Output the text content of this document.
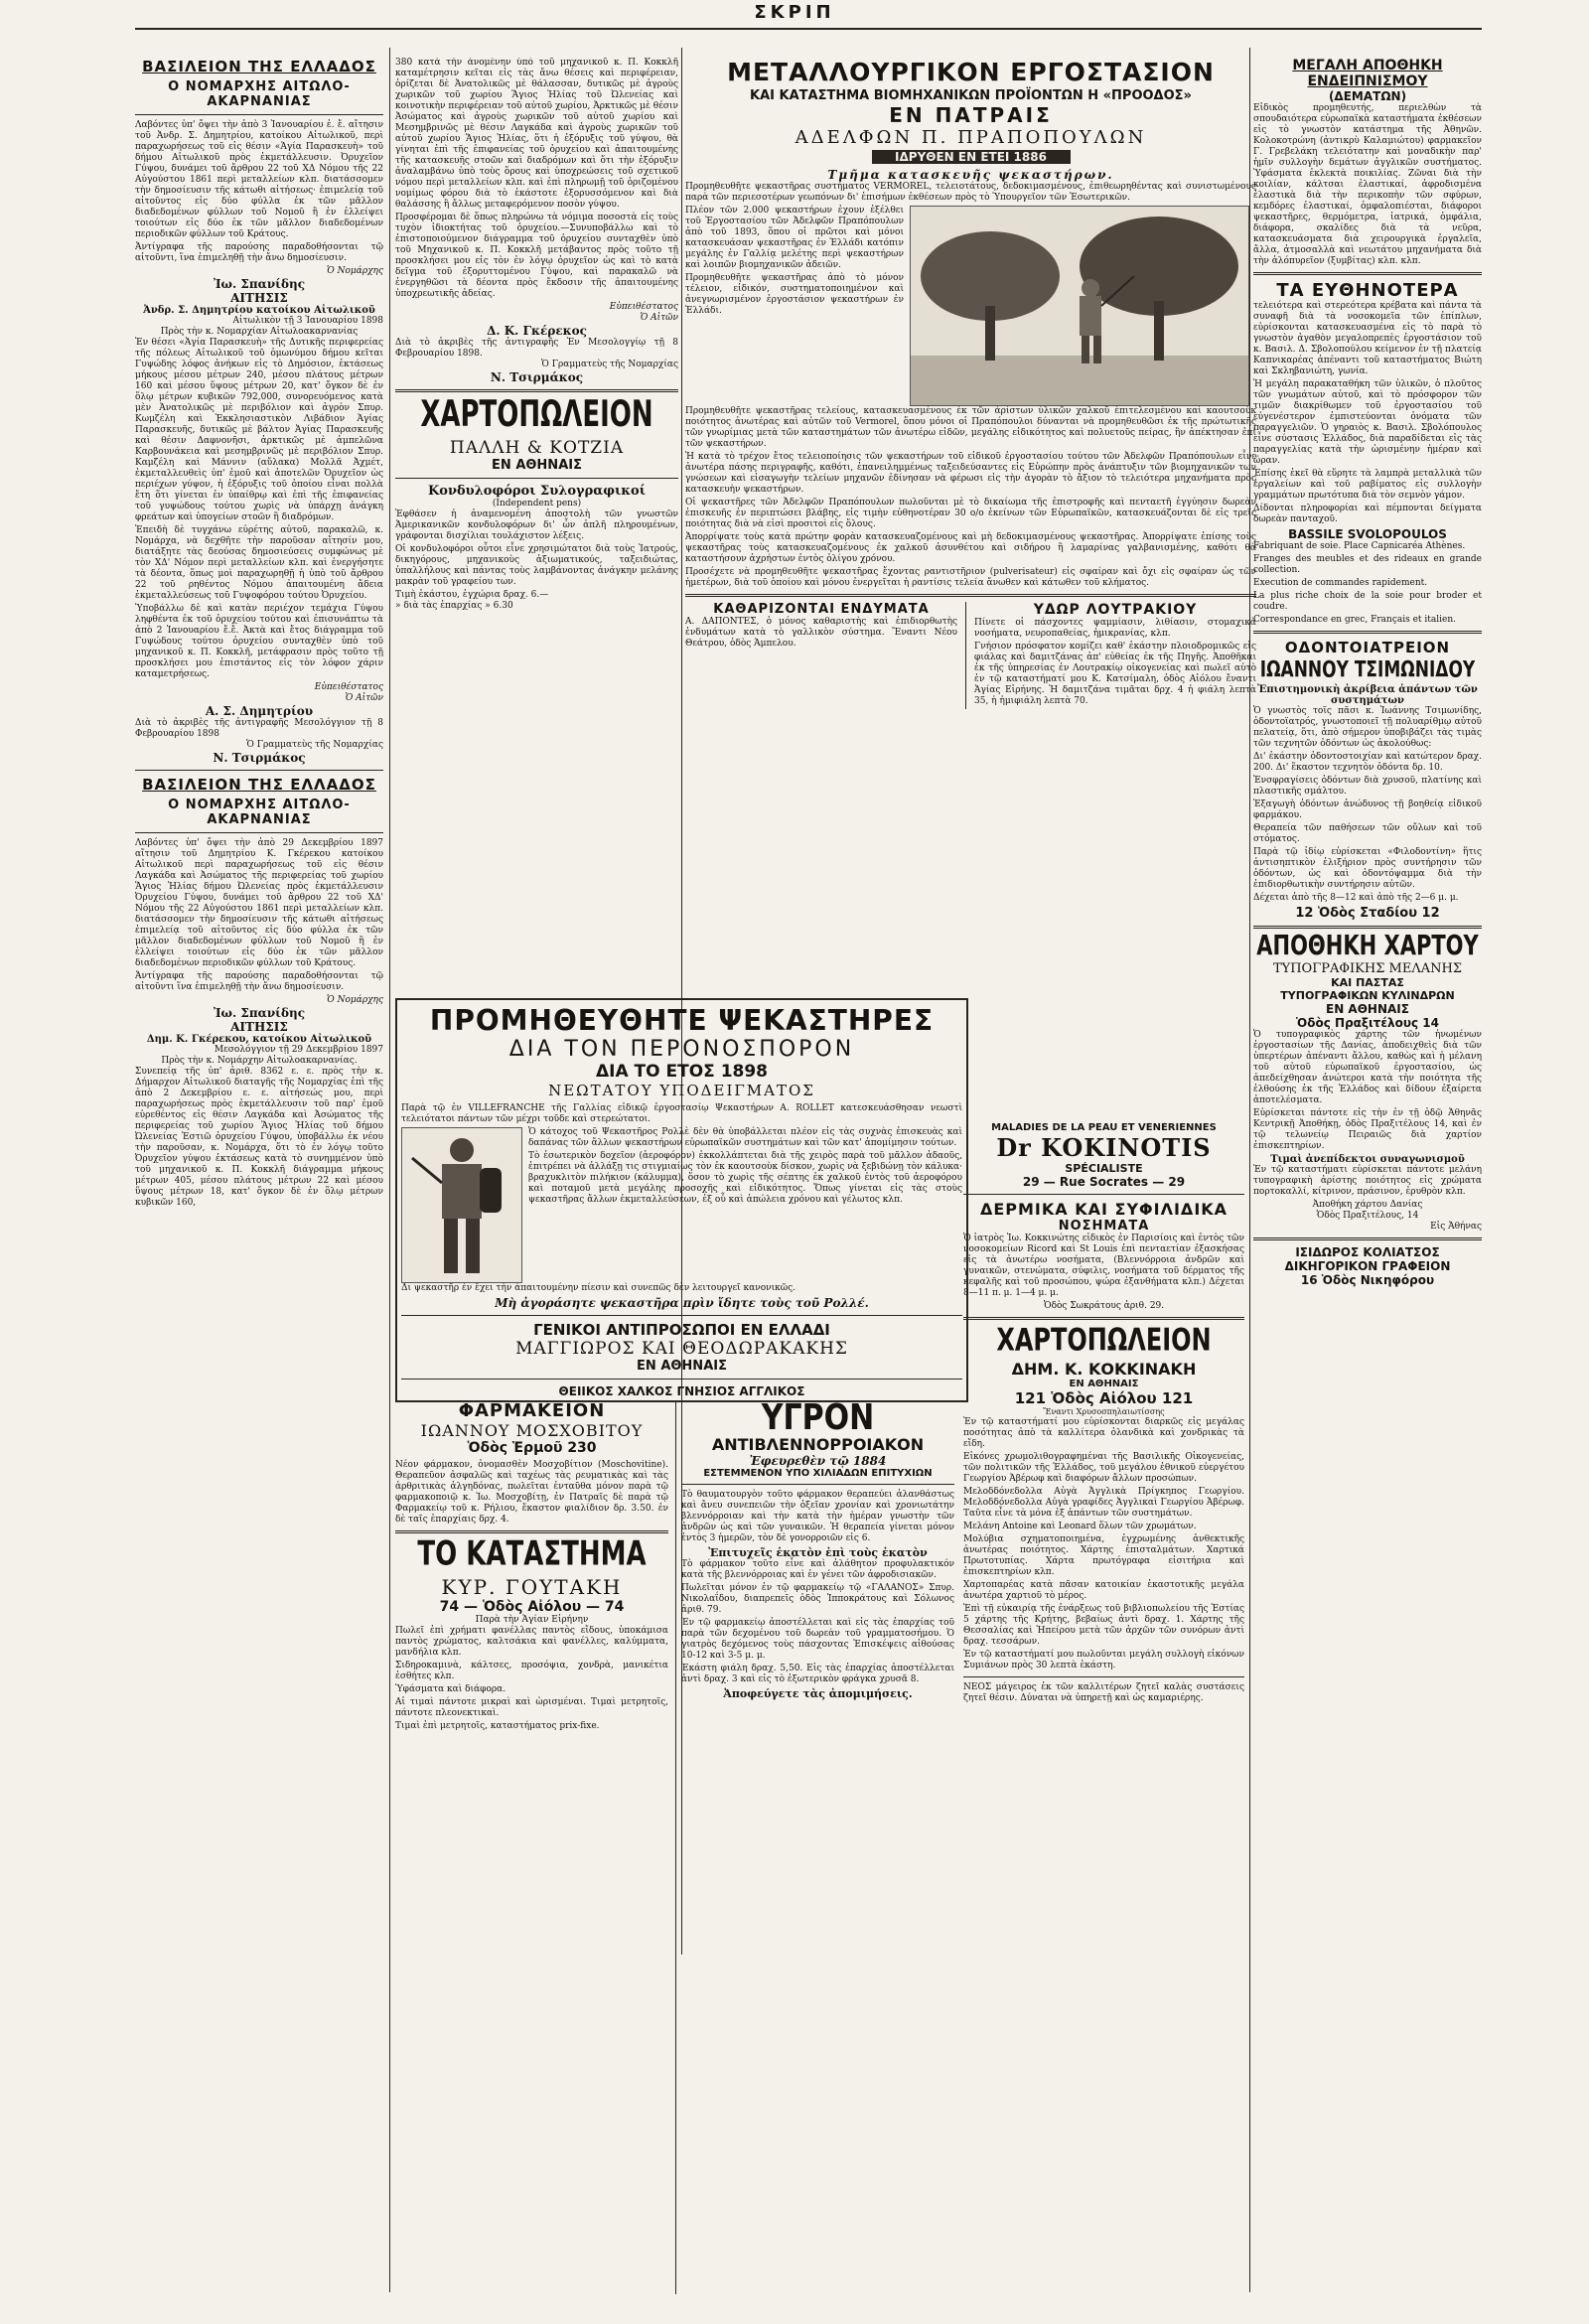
ΣΚΡΙΠ
ΒΑΣΙΛΕΙΟΝ ΤΗΣ ΕΛΛΑΔΟΣ
Ο ΝΟΜΑΡΧΗΣ ΑΙΤΩΛΟ-ΑΚΑΡΝΑΝΙΑΣ

Λαβόντες ὑπ' ὄψει τὴν ἀπὸ 3 Ἰανουαρίου ἐ. ἔ. αἴτησιν τοῦ Ἀνδρ. Σ. Δημητρίου, κατοίκου Αἰτωλικοῦ, περὶ παραχωρήσεως τοῦ εἰς θέσιν «Ἁγία Παρασκευὴ» τοῦ δήμου Αἰτωλικοῦ πρὸς ἐκμετάλλευσιν. Ὀρυχεῖον Γύψου, δυνάμει τοῦ ἄρθρου 22 τοῦ ΧΔ Νόμου τῆς 22 Αὐγούστου 1861 περὶ μεταλλείων κλπ. διατάσσομεν τὴν δημοσίευσιν τῆς κάτωθι αἰτήσεως· ἐπιμελείᾳ τοῦ αἰτοῦντος εἰς δύο φύλλα ἐκ τῶν μᾶλλον διαδεδομένων φύλλων τοῦ Νομοῦ ἢ ἐν ἐλλείψει τοιούτων εἰς δύο ἐκ τῶν μᾶλλον διαδεδομένων περιοδικῶν φύλλων τοῦ Κράτους.

Ἀντίγραφα τῆς παρούσης παραδοθήσονται τῷ αἰτοῦντι, ἵνα ἐπιμεληθῇ τὴν ἄνω δημοσίευσιν.

Ὁ Νομάρχης
Ἰω. Σπανίδης
ΑΙΤΗΣΙΣ
Ἀνδρ. Σ. Δημητρίου κατοίκου Αἰτωλικοῦ
Αἰτωλικὸν τῇ 3 Ἰανουαρίου 1898
Πρὸς τὴν κ. Νομαρχίαν Αἰτωλοακαρνανίας

Ἐν θέσει «Ἁγία Παρασκευὴ» τῆς Δυτικῆς περιφερείας τῆς πόλεως Αἰτωλικοῦ τοῦ ὁμωνύμου δήμου κεῖται Γυψώδης λόφος ἀνήκων εἰς τὸ Δημόσιον, ἐκτάσεως μήκους μέσου μέτρων 240, μέσου πλάτους μέτρων 160 καὶ μέσου ὕψους μέτρων 20, κατ' ὄγκον δὲ ἐν ὅλῳ μέτρων κυβικῶν 792,000, συνορευόμενος κατὰ μὲν Ἀνατολικῶς μὲ περιβόλιον καὶ ἀγρὸν Σπυρ. Κωμζέλη καὶ Ἐκκλησιαστικὸν Λιβάδιον Ἁγίας Παρασκευῆς, δυτικῶς μὲ βάλτον Ἁγίας Παρασκευῆς καὶ θέσιν Δαφνονῆσι, ἀρκτικῶς μὲ ἀμπελῶνα Καρβουνάκεια καὶ μεσημβρινῶς μὲ περιβόλιον Σπυρ. Καμζέλη καὶ Μάννιν (αὔλακα) Μολλᾶ Ἀχμέτ, ἐκμεταλλευθεὶς ὑπ' ἐμοῦ καὶ ἀποτελῶν Ὀρυχεῖον ὡς περιέχων γύψον, ἡ ἐξόρυξις τοῦ ὁποίου εἶναι πολλὰ ἔτη ὅτι γίνεται ἐν ὑπαίθρῳ καὶ ἐπὶ τῆς ἐπιφανείας τοῦ γυψώδους τούτου χωρὶς νὰ ὑπάρχῃ ἀνάγκη φρεάτων καὶ ὑπογείων στοῶν ἢ διαδρόμων.

Ἐπειδὴ δὲ τυγχάνω εὑρέτης αὐτοῦ, παρακαλῶ, κ. Νομάρχα, νὰ δεχθῆτε τὴν παροῦσαν αἴτησίν μου, διατάξητε τὰς δεούσας δημοσιεύσεις συμφώνως μὲ τὸν ΧΔ' Νόμον περὶ μεταλλείων κλπ. καὶ ἐνεργήσητε τὰ δέοντα, ὅπως μοὶ παραχωρηθῇ ἡ ὑπὸ τοῦ ἄρθρου 22 τοῦ ρηθέντος Νόμου ἀπαιτουμένη ἄδεια ἐκμεταλλεύσεως τοῦ Γυψοφόρου τούτου Ὀρυχείου.

Ὑποβάλλω δὲ καὶ κατὰν περιέχον τεμάχια Γύψου ληφθέντα ἐκ τοῦ ὀρυχείου τούτου καὶ ἐπισυνάπτω τὰ ἀπὸ 2 Ἰανουαρίου ἔ.ἔ. Ἀκτὰ καὶ ἔτος διάγραμμα τοῦ Γυψώδους τούτου ὀρυχείου συνταχθὲν ὑπὸ τοῦ μηχανικοῦ κ. Π. Κοκκλῆ, μετάφρασιν πρὸς τοῦτο τῇ προσκλήσει μου ἐπιστάντος εἰς τὸν λόφον χάριν καταμετρήσεως.

Εὐπειθέστατος
Ὁ Αἰτῶν
Α. Σ. Δημητρίου
Διὰ τὸ ἀκριβὲς τῆς ἀντιγραφῆς Μεσολόγγιον τῇ 8 Φεβρουαρίου 1898
Ὁ Γραμματεὺς τῆς Νομαρχίας
Ν. Τσιρμάκος
ΒΑΣΙΛΕΙΟΝ ΤΗΣ ΕΛΛΑΔΟΣ
Ο ΝΟΜΑΡΧΗΣ ΑΙΤΩΛΟ-ΑΚΑΡΝΑΝΙΑΣ

Λαβόντες ὑπ' ὄψει τὴν ἀπὸ 29 Δεκεμβρίου 1897 αἴτησιν τοῦ Δημητρίου Κ. Γκέρεκου κατοίκου Αἰτωλικοῦ περὶ παραχωρήσεως τοῦ εἰς θέσιν Λαγκάδα καὶ Ἀσώματος τῆς περιφερείας τοῦ χωρίου Ἅγιος Ἠλίας δήμου Ὠλενείας πρὸς ἐκμετάλλευσιν Ὀρυχείου Γύψου, δυνάμει τοῦ ἄρθρου 22 τοῦ ΧΔ' Νόμου τῆς 22 Αὐγούστου 1861 περὶ μεταλλείων κλπ. διατάσσομεν τὴν δημοσίευσιν τῆς κάτωθι αἰτήσεως ἐπιμελείᾳ τοῦ αἰτοῦντος εἰς δύο φύλλα ἐκ τῶν μᾶλλον διαδεδομένων φύλλων τοῦ Νομοῦ ἢ ἐν ἐλλείψει τοιούτων εἰς δύο ἐκ τῶν μᾶλλον διαδεδομένων περιοδικῶν φύλλων τοῦ Κράτους.

Ἀντίγραφα τῆς παρούσης παραδοθήσονται τῷ αἰτοῦντι ἵνα ἐπιμεληθῇ τὴν ἄνω δημοσίευσιν.

Ὁ Νομάρχης
Ἰω. Σπανίδης
ΑΙΤΗΣΙΣ
Δημ. Κ. Γκέρεκου, κατοίκου Αἰτωλικοῦ
Μεσολόγγιον τῇ 29 Δεκεμβρίου 1897
Πρὸς τὴν κ. Νομάρχην Αἰτωλοακαρνανίας.

Συνεπείᾳ τῆς ὑπ' ἀριθ. 8362 ε. ε. πρὸς τὴν κ. Δήμαρχον Αἰτωλικοῦ διαταγῆς τῆς Νομαρχίας ἐπὶ τῆς ἀπὸ 2 Δεκεμβρίου ε. ε. αἰτήσεώς μου, περὶ παραχωρήσεως πρὸς ἐκμετάλλευσιν τοῦ παρ' ἐμοῦ εὑρεθέντος εἰς θέσιν Λαγκάδα καὶ Ἀσώματος τῆς περιφερείας τοῦ χωρίου Ἅγιος Ἠλίας τοῦ δήμου Ὠλενείας Ἑστιῶ ὀρυχείου Γύψου, ὑποβάλλω ἐκ νέου τὴν παροῦσαν, κ. Νομάρχα, ὅτι τὸ ἐν λόγῳ τοῦτο Ὀρυχεῖον γύψου ἐκτάσεως κατὰ τὸ συνημμένον ὑπὸ τοῦ μηχανικοῦ κ. Π. Κοκκλῆ διάγραμμα μήκους μέτρων 405, μέσου πλάτους μέτρων 22 καὶ μέσου ὕψους μέτρων 18, κατ' ὄγκον δὲ ἐν ὅλῳ μέτρων κυβικῶν 160,

380 κατὰ τὴν ἀνομένην ὑπὸ τοῦ μηχανικοῦ κ. Π. Κοκκλῆ καταμέτρησιν κεῖται εἰς τὰς ἄνω θέσεις καὶ περιφέρειαν, ὁρίζεται δὲ Ἀνατολικῶς μὲ θάλασσαν, δυτικῶς μὲ ἀγροὺς χωρικῶν τοῦ χωρίου Ἅγιος Ἠλίας τοῦ Ὠλενείας καὶ κοινοτικὴν περιφέρειαν τοῦ αὐτοῦ χωρίου, Ἀρκτικῶς μὲ θέσιν Ἀσώματος καὶ ἀγροὺς χωρικῶν τοῦ αὐτοῦ χωρίου καὶ Μεσημβρινῶς μὲ θέσιν Λαγκάδα καὶ ἀγροὺς χωρικῶν τοῦ αὐτοῦ χωρίου Ἅγιος Ἠλίας, ὅτι ἡ ἐξόρυξις τοῦ γύψου, θὰ γίνηται ἐπὶ τῆς ἐπιφανείας τοῦ ὀρυχείου καὶ ἀπαιτουμένης τῆς κατασκευῆς στοῶν καὶ διαδρόμων καὶ ὅτι τὴν ἐξόρυξιν ἀναλαμβάνω ὑπὸ τοὺς ὅρους καὶ ὑποχρεώσεις τοῦ σχετικοῦ νόμου περὶ μεταλλείων κλπ. καὶ ἐπὶ πληρωμῇ τοῦ ὁριζομένου νομίμως φόρου διὰ τὸ ἐκάστοτε ἐξορυσσόμενον καὶ διὰ θαλάσσης ἢ ἄλλως μεταφερόμενον ποσὸν γύψου.

Προσφέρομαι δὲ ὅπως πληρώνω τὰ νόμιμα ποσοστὰ εἰς τοὺς τυχὸν ἰδιοκτήτας τοῦ ὀρυχείου.—Συνυποβάλλω καὶ τὸ ἐπιστοποιούμενον διάγραμμα τοῦ ὀρυχείου συνταχθὲν ὑπὸ τοῦ Μηχανικοῦ κ. Π. Κοκκλῆ μετάβαντος πρὸς τοῦτο τῇ προσκλήσει μου εἰς τὸν ἐν λόγῳ ὀρυχεῖον ὡς καὶ τὸ κατὰ δεῖγμα τοῦ ἐξορυττομένου Γύψου, καὶ παρακαλῶ νὰ ἐνεργηθῶσι τὰ δέοντα πρὸς ἔκδοσιν τῆς ἀπαιτουμένης ὑποχρεωτικῆς ἀδείας.

Εὐπειθέστατος
Ὁ Αἰτῶν
Δ. Κ. Γκέρεκος
Διὰ τὸ ἀκριβὲς τῆς ἀντιγραφῆς Ἐν Μεσολογγίῳ τῇ 8 Φεβρουαρίου 1898.
Ὁ Γραμματεὺς τῆς Νομαρχίας
Ν. Τσιρμάκος
ΧΑΡΤΟΠΩΛΕΙΟΝ
ΠΑΛΛΗ & ΚΟΤΖΙΑ
ΕΝ ΑΘΗΝΑΙΣ
Κονδυλοφόροι Συλογραφικοί
(Independent pens)

Ἐφθάσεν ἡ ἀναμενομένη ἀποστολὴ τῶν γνωστῶν Ἀμερικανικῶν κονδυλοφόρων δι' ὧν ἁπλῆ πληρουμένων, γράφονται δισχίλιαι τουλάχιστον λέξεις.

Οἱ κονδυλοφόροι οὗτοι εἶνε χρησιμώτατοι διὰ τοὺς Ἰατρούς, δικηγόρους, μηχανικοὺς ἀξιωματικούς, ταξειδιώτας, ὑπαλλήλους καὶ πάντας τοὺς λαμβάνοντας ἀνάγκην μελάνης μακρὰν τοῦ γραφείου των.

Τιμὴ ἑκάστου, ἐγχώρια δραχ. 6.—
» διὰ τὰς ἐπαρχίας » 6.30
ΜΕΤΑΛΛΟΥΡΓΙΚΟΝ ΕΡΓΟΣΤΑΣΙΟΝ
ΚΑΙ ΚΑΤΑΣΤΗΜΑ ΒΙΟΜΗΧΑΝΙΚΩΝ ΠΡΟΪΟΝΤΩΝ Η «ΠΡΟΟΔΟΣ»
ΕΝ ΠΑΤΡΑΙΣ
ΑΔΕΛΦΩΝ Π. ΠΡΑΠΟΠΟΥΛΩΝ
ΙΔΡΥΘΕΝ ΕΝ ΕΤΕΙ 1886
Τμῆμα κατασκευῆς ψεκαστήρων.

Προμηθευθῆτε ψεκαστῆρας συστήματος VERMOREL, τελειοτάτους, δεδοκιμασμένους, ἐπιθεωρηθέντας καὶ συνιστωμένους παρὰ τῶν περιεσοτέρων γεωπόνων δι' ἐπισήμων ἐκθέσεων πρὸς τὸ Ὑπουργεῖον τῶν Ἐσωτερικῶν.

Πλέον τῶν 2.000 ψεκαστήρων ἐχουν ἐξέλθει τοῦ Ἐργοστασίου τῶν Ἀδελφῶν Πραπόπουλων ἀπὸ τοῦ 1893, ὅπου οἱ πρῶτοι καὶ μόνοι κατασκευάσαν ψεκαστῆρας ἐν Ἑλλάδι κατόπιν μεγάλης ἐν Γαλλίᾳ μελέτης περὶ ψεκαστήρων καὶ λοιπῶν βιομηχανικῶν ἀδειῶν.

Προμηθευθῆτε ψεκαστῆρας ἀπὸ τὸ μόνον τέλειον, εἰδικόν, συστηματοποιημένον καὶ ἀνεγνωρισμένον ἐργοστάσιον ψεκαστήρων ἐν Ἑλλάδι.

Προμηθευθῆτε ψεκαστῆρας τελείους, κατασκευασμένους ἐκ τῶν ἀρίστων ὑλικῶν χαλκοῦ ἐπιτελεσμένου καὶ καουτσοὺκ ποιότητος ἀνωτέρας καὶ αὐτῶν τοῦ Vermorel, ὅπου μόνοι οἱ Πραπόπουλοι δύνανται νὰ προμηθευθῶσι ἐκ τῆς πρώτωτικῆς τῶν γνωρίμιας μετὰ τῶν καταστημάτων τῶν ἀνωτέρω εἰδῶν, μεγάλης εἰδικότητος καὶ πολυετοῦς πείρας, ἢν ἀπέκτησαν ἐπὶ τῶν ψεκαστήρων.

Ἡ κατὰ τὸ τρέχον ἔτος τελειοποίησις τῶν ψεκαστήρων τοῦ εἰδικοῦ ἐργοστασίου τούτου τῶν Ἀδελφῶν Πραπόπουλων εἶνε ἀνωτέρα πάσης περιγραφῆς, καθότι, ἐπανειλημμένως ταξειδεύσαντες εἰς Εὐρώπην πρὸς ἀνάπτυξιν τῶν βιομηχανικῶν των γνώσεων καὶ εἰσαγωγὴν τελείων μηχανῶν ἐδίνησαν νὰ φέρωσι εἰς τὴν ἀγορὰν τὸ ἄξιον τὸ τελειότερα μηχανήματα πρὸς κατασκευὴν ψεκαστήρων.

Οἱ ψεκαστῆρες τῶν Ἀδελφῶν Πραπόπουλων πωλοῦνται μὲ τὸ δικαίωμα τῆς ἐπιστροφῆς καὶ πενταετῆ ἐγγύησιν δωρεὰν ἐπισκευῆς ἐν περιπτώσει βλάβης, εἰς τιμὴν εὐθηνοτέραν 30 ο/ο ἐκείνων τῶν Εὐρωπαϊκῶν, κατασκευάζονται δὲ εἰς τρεῖς ποιότητας διὰ νὰ εἰσὶ προσιτοὶ εἰς ὅλους.

Ἀπορρίψατε τοὺς κατὰ πρώτην φορὰν κατασκευαζομένους καὶ μὴ δεδοκιμασμένους ψεκαστῆρας. Ἀπορρίψατε ἐπίσης τοὺς ψεκαστῆρας τοὺς κατασκευαζομένους ἐκ χαλκοῦ ἀσυνθέτου καὶ σιδήρου ἢ λαμαρίνας γαλβανισμένης, καθότι θὰ καταστήσουν ἀχρήστων ἐντὸς ὀλίγου χρόνου.

Προσέχετε νὰ προμηθευθῆτε ψεκαστῆρας ἔχοντας ραντιστῆριον (pulverisateur) εἰς σφαίραν καὶ ὄχι εἰς σφαίραν ὡς τῶν ἡμετέρων, διὰ τοῦ ὁποίου καὶ μόνου ἐνεργεῖται ἡ ραντίσις τελεία ἄνωθεν καὶ κάτωθεν τοῦ κλήματος.

ΚΑΘΑΡΙΖΟΝΤΑΙ ΕΝΔΥΜΑΤΑ

Α. ΔΑΠΟΝΤΕΣ, ὁ μόνος καθαριστὴς καὶ ἐπιδιορθωτὴς ἐνδυμάτων κατὰ τὸ γαλλικὸν σύστημα. Ἔναντι Νέου Θεάτρου, ὁδὸς Ἀμπελου.

ΥΔΩΡ ΛΟΥΤΡΑΚΙΟΥ

Πίνετε οἱ πάσχοντες ψαμμίασιν, λιθίασιν, στομαχικὰ νοσήματα, νευροπαθείας, ἡμικρανίας, κλπ.

Γνήσιον πρόσφατον κομίζει καθ' ἑκάστην πλοιοδρομικῶς εἰς φιάλας καὶ δαμιτζάνας ἀπ' εὐθείας ἐκ τῆς Πηγῆς. Ἀποθῆκαι ἐκ τῆς ὑπηρεσίας ἐν Λουτρακίῳ οἰκογενείας καὶ πωλεῖ αὐτὸ ἐν τῷ καταστήματί μου Κ. Κατσίμαλη, ὁδὸς Αἰόλου ἔναντι Ἁγίας Εἰρήνης. Ἡ δαμιτζάνα τιμᾶται δρχ. 4 ἡ φιάλη λεπτὰ 35, ἡ ἡμιφιάλη λεπτὰ 70.

ΠΡΟΜΗΘΕΥΘΗΤΕ ΨΕΚΑΣΤΗΡΕΣ
ΔΙΑ ΤΟΝ ΠΕΡΟΝΟΣΠΟΡΟΝ
ΔΙΑ ΤΟ ΕΤΟΣ 1898
ΝΕΩΤΑΤΟΥ ΥΠΟΔΕΙΓΜΑΤΟΣ

Παρὰ τῷ ἐν VILLEFRANCHE τῆς Γαλλίας εἰδικῷ ἐργοστασίῳ Ψεκαστήρων A. ROLLET κατεσκευάσθησαν νεωστὶ τελειότατοι πάντων τῶν μέχρι τοῦδε καὶ στερεώτατοι.

Ὁ κάτοχος τοῦ Ψεκαστῆρος Ρολλὲ δὲν θὰ ὑποβάλλεται πλέον εἰς τὰς συχνὰς ἐπισκευὰς καὶ δαπάνας τῶν ἄλλων ψεκαστήρων εὐρωπαϊκῶν συστημάτων καὶ τῶν κατ' ἀπομίμησιν τούτων.

Τὸ ἐσωτερικὸν δοχεῖον (ἀεροφόρον) ἐκκολλάπτεται διὰ τῆς χειρὸς παρὰ τοῦ μᾶλλον ἀδαοῦς, ἐπιτρέπει νὰ ἀλλάξῃ τις στιγμιαίως τὸν ἐκ καουτσοὺκ δίσκον, χωρὶς νὰ ξεβιδώνῃ τὸν κάλυκα· βραχυκλιτὸν πιλήκιον (κάλυμμα), ὅσον τὸ χωρὶς τῆς σέπτης ἐκ χαλκοῦ ἐντὸς τοῦ ἀεροφόρου καὶ ποταμοῦ μετὰ μεγάλης προσοχῆς καὶ εἰδικότητος. Ὅπως γίνεται εἰς τὰς στοὺς ψεκαστῆρας ἄλλων ἐκμεταλλεύσεων, ἐξ οὗ καὶ ἀπώλεια χρόνου καὶ γέλωτος κλπ.

Δι ψεκαστῆρ ἐν ἔχει τὴν ἀπαιτουμένην πίεσιν καὶ συνεπῶς δὲν λειτουργεῖ κανονικῶς.

Μὴ ἀγοράσητε ψεκαστῆρα πρὶν ἴδητε τοὺς τοῦ Ρολλέ.
ΓΕΝΙΚΟΙ ΑΝΤΙΠΡΟΣΩΠΟΙ ΕΝ ΕΛΛΑΔΙ
ΜΑΓΓΙΩΡΟΣ ΚΑΙ ΘΕΟΔΩΡΑΚΑΚΗΣ
ΕΝ ΑΘΗΝΑΙΣ
ΘΕΙΙΚΟΣ ΧΑΛΚΟΣ ΓΝΗΣΙΟΣ ΑΓΓΛΙΚΟΣ
ΦΑΡΜΑΚΕΙΟΝ
ΙΩΑΝΝΟΥ ΜΟΣΧΟΒΙΤΟΥ
Ὁδὸς Ἑρμοῦ 230

Νέον φάρμακον, ὀνομασθὲν Μοσχοβίτιον (Moschovitine). Θεραπεῦον ἀσφαλῶς καὶ ταχέως τὰς ρευματικὰς καὶ τὰς ἀρθριτικὰς ἀλγηδόνας, πωλεῖται ἐνταῦθα μόνον παρὰ τῷ φαρμακοποιῷ κ. Ἰω. Μοσχοβίτῃ, ἐν Πατραῖς δὲ παρὰ τῷ Φαρμακείῳ τοῦ κ. Ρήλιου, ἕκαστον φιαλίδιον δρ. 3.50. ἐν δὲ ταῖς ἐπαρχίαις δρχ. 4.

ΤΟ ΚΑΤΑΣΤΗΜΑ
ΚΥΡ. ΓΟΥΤΑΚΗ
74 — Ὁδὸς Αἰόλου — 74
Παρὰ τὴν Ἁγίαν Εἰρήνην

Πωλεῖ ἐπὶ χρήματι φανέλλας παντὸς εἴδους, ὑποκάμισα παντὸς χρώματος, καλτσάκια καὶ φανέλλες, καλύμματα, μανδήλια κλπ.

Σιδηροκαμινὰ, κάλτσες, προσόψια, χονδρὰ, μανικέτια ἐσθήτες κλπ.

Ὑφάσματα καὶ διάφορα.

Αἱ τιμαὶ πάντοτε μικραὶ καὶ ὡρισμέναι. Τιμαὶ μετρητοῖς, πάντοτε πλεονεκτικαὶ.

Τιμαὶ ἐπὶ μετρητοῖς, καταστήματος prix-fixe.

ΥΓΡΟΝ
ΑΝΤΙΒΛΕΝΝΟΡΡΟΙΑΚΟΝ
Ἐφευρεθὲν τῷ 1884
ΕΣΤΕΜΜΕΝΟΝ ΥΠΟ ΧΙΛΙΑΔΩΝ ΕΠΙΤΥΧΙΩΝ

Τὸ θαυματουργὸν τοῦτο φάρμακον θεραπεύει ἀλανθάστως καὶ ἄνευ συνεπειῶν τὴν ὀξεῖαν χρονίαν καὶ χρονιωτάτην βλεννόρροιαν καὶ τὴν κατὰ τὴν ἡμέραν γνωστὴν τῶν ἀνδρῶν ὡς καὶ τῶν γυναικῶν. Ἡ θεραπεία γίνεται μόνον ἐντὸς 3 ἡμερῶν, τὸν δὲ γονορροιῶν εἰς 6.

Ἐπιτυχεῖς ἑκατὸν ἐπὶ τοὺς ἑκατὸν

Τὸ φάρμακον τοῦτο εἶνε καὶ ἀλάθητον προφυλακτικόν κατὰ τῆς βλεννόρροιας καὶ ἐν γένει τῶν ἀφροδισιακῶν.

Πωλεῖται μόνον ἐν τῷ φαρμακείῳ τῷ «ΓΑΛΑΝΟΣ» Σπυρ. Νικολαΐδου, διαπρεπεῖς ὁδὸς Ἱπποκράτους καὶ Σόλωνος ἀριθ. 79.

Ἐν τῷ φαρμακείῳ ἀποστέλλεται καὶ εἰς τὰς ἐπαρχίας τοῦ παρὰ τῶν δεχομένου τοῦ δωρεὰν τοῦ γραμματοσήμου. Ὁ γιατρὸς δεχόμενος τοὺς πάσχοντας Ἐπισκέψεις αἰθούσας 10-12 καὶ 3-5 μ. μ.

Ἑκάστη φιάλη δραχ. 5,50. Εἰς τὰς ἐπαρχίας ἀποστέλλεται ἀντὶ δραχ. 3 καὶ εἰς τὸ ἐξωτερικὸν φράγκα χρυσᾶ 8.

Ἀποφεύγετε τὰς ἀπομιμήσεις.
MALADIES DE LA PEAU ET VÉNÉRIENNES
Dr KOKINOTIS
SPÉCIALISTE
29 — Rue Socrates — 29
ΔΕΡΜΙΚΑ ΚΑΙ ΣΥΦΙΛΙΔΙΚΑ
ΝΟΣΗΜΑΤΑ

Ὁ ἰατρὸς Ἰω. Κοκκινώτης εἰδικὸς ἐν Παρισίοις καὶ ἐντὸς τῶν νοσοκομείων Ricord καὶ St Louis ἐπὶ πενταετίαν ἐξασκήσας εἰς τὰ ἀνωτέρω νοσήματα, (Βλεννόρροια ἀνδρῶν καὶ γυναικῶν, στενώματα, σύφιλις, νοσήματα τοῦ δέρματος τῆς κεφαλῆς καὶ τοῦ προσώπου, ψώρα ἐξανθήματα κλπ.) Δέχεται 8—11 π. μ. 1—4 μ. μ.

Ὁδὸς Σωκράτους ἀριθ. 29.
ΧΑΡΤΟΠΩΛΕΙΟΝ
ΔΗΜ. Κ. ΚΟΚΚΙΝΑΚΗ
ΕΝ ΑΘΗΝΑΙΣ
121 Ὁδὸς Αἰόλου 121
Ἔναντι Χρυσοσπηλαιωτίσσης

Ἐν τῷ καταστήματί μου εὑρίσκονται διαρκῶς εἰς μεγάλας ποσότητας ἀπὸ τὰ καλλίτερα ὀλανδικὰ καὶ χονδρικὰς τὰ εἴδη.

Εἰκόνες χρωμολιθογραφημέναι τῆς Βασιλικῆς Οἰκογενείας, τῶν πολιτικῶν τῆς Ἑλλάδος, τοῦ μεγάλου ἐθνικοῦ εὐεργέτου Γεωργίου Ἀβέρωφ καὶ διαφόρων ἄλλων προσώπων.

Μελοδδόνεδολλα Αὐγὰ Ἀγγλικὰ Πρίγκηπος Γεωργίου. Μελοδδόνεδολλα Αὐγὰ γραφίδες Ἀγγλικαὶ Γεωργίου Ἀβέρωφ. Ταῦτα εἶνε τὰ μόνα ἐξ ἁπάντων τῶν συστημάτων.

Μελάνη Antoine καὶ Leonard ὅλων τῶν χρωμάτων.

Μολύβια σχηματοποιημένα, ἐγχρωμένης ἀνθεκτικῆς ἀνωτέρας ποιότητος. Χάρτης ἐπισταλμάτων. Χαρτικά Πρωτοτυπίας. Χάρτα πρωτόγραφα εἰσιτήρια καὶ ἐπισκεπτηρίων κλπ.

Χαρτοπαρέας κατὰ πᾶσαν κατοικίαν ἑκαστοτικῆς μεγάλα ἀνωτέρα χαρτιοῦ τὸ μέρος.

Ἐπὶ τῇ εὐκαιρίᾳ τῆς ἐνάρξεως τοῦ βιβλιοπωλείου τῆς Ἑστίας 5 χάρτης τῆς Κρήτης, βεβαίως ἀντὶ δραχ. 1. Χάρτης τῆς Θεσσαλίας καὶ Ἠπείρου μετὰ τῶν ἀρχῶν τῶν συνόρων ἀντὶ δραχ. τεσσάρων.

Ἐν τῷ καταστήματί μου πωλοῦνται μεγάλη συλλογὴ εἰκόνων Συμιάνων πρὸς 30 λεπτὰ ἑκάστη.

ΝΕΟΣ μάγειρος ἐκ τῶν καλλιτέρων ζητεῖ καλὰς συστάσεις ζητεῖ θέσιν. Δύναται νὰ ὑπηρετῇ καὶ ὡς καμαριέρης.

ΜΕΓΑΛΗ ΑΠΟΘΗΚΗ ΕΝΔΕΙΠΝΙΣΜΟΥ
(ΔΕΜΑΤΩΝ)

Εἰδικὸς προμηθευτής, περιελθὼν τὰ σπουδαιότερα εὐρωπαϊκὰ καταστήματα ἐκθέσεων εἰς τὸ γνωστὸν κατάστημα τῆς Ἀθηνῶν. Κολοκοτρώνη (ἀντικρὺ Καλαμιώτου) φαρμακεῖον Γ. Γρεβελάκη τελειότατην καὶ μοναδικὴν παρ' ἡμῖν συλλογὴν δεμάτων ἀγγλικῶν συστήματος. Ὑφάσματα ἐκλεκτὰ ποικιλίας. Ζῶναι διὰ τὴν κοιλίαν, κάλτσαι ἐλαστικαί, ἀφροδισμένα ἐλαστικὰ διὰ τὴν περικοπὴν τῶν σφύρων, κεμδόρες ἐλαστικαί, ὀμφαλοπιέσται, διάφοροι ψεκαστῆρες, θερμόμετρα, ἰατρικά, ὀμφάλια, διάφορα, σκαλίδες διὰ τὰ νεῦρα, κατασκευάσματα διὰ χειρουργικὰ ἐργαλεῖα, ἄλλα, ἀτμοσαλλὰ καὶ νεωτάτου μηχανήματα διὰ τὴν ἀλόπυρεῖον (ξυμβίτας) κλπ. κλπ.

ΤΑ ΕΥΘΗΝΟΤΕΡΑ

τελειότερα καὶ στερεότερα κρέβατα καὶ πάντα τὰ συναφῆ διὰ τὰ νοσοκομεῖα τῶν ἐπίπλων, εὑρίσκονται κατασκευασμένα εἰς τὸ παρὰ τὸ γνωστὸν ἀγαθὸν μεγαλοπρεπὲς ἐργοστάσιον τοῦ κ. Βασιλ. Δ. Σβολοπούλου κείμενον ἐν τῇ πλατείᾳ Καπνικαρέας ἀπέναντι τοῦ καταστήματος Βιώτη καὶ Σκληβανιώτη, γωνία.

Ἡ μεγάλη παρακαταθήκη τῶν ὑλικῶν, ὁ πλοῦτος τῶν γνωμάτων αὐτοῦ, καὶ τὸ πρόσφορον τῶν τιμῶν διακρίθωμεν τοῦ ἐργοστασίου τοῦ εὐγενέστερον ἐμπιστεύονται ὀνόματα τῶν παραγγελιῶν. Ὁ γηραιὸς κ. Βασιλ. Σβολόπουλος εἶνε σύστασις Ἑλλάδος, διὰ παραδίδεται εἰς τὰς παραγγελίας κατὰ τὴν ὡρισμένην ἡμέραν καὶ ὥραν.

Ἐπίσης ἐκεῖ θὰ εὕρητε τὰ λαμπρὰ μεταλλικὰ τῶν ἐργαλείων καὶ τοῦ ραβίματος εἰς συλλογὴν γραμμάτων πρωτότυπα διὰ τὸν σεμνὸν γάμον.

Δίδονται πληροφορίαι καὶ πέμπονται δείγματα δωρεὰν πανταχοῦ.

BASSILE SVOLOPOULOS

Fabriquant de soie. Place Capnicaréa Athènes.

Franges des meubles et des rideaux en grande collection.

Execution de commandes rapidement.

La plus riche choix de la soie pour broder et coudre.

Correspondance en grec, Français et italien.

ΟΔΟΝΤΟΙΑΤΡΕΙΟΝ
ΙΩΑΝΝΟΥ ΤΣΙΜΩΝΙΔΟΥ
Ἐπιστημονικὴ ἀκρίβεια ἁπάντων τῶν συστημάτων

Ὁ γνωστὸς τοῖς πᾶσι κ. Ἰωάννης Τσιμωνίδης, ὀδοντοϊατρός, γνωστοποιεῖ τῇ πολυαρίθμῳ αὐτοῦ πελατείᾳ, ὅτι, ἀπὸ σήμερον ὑποβιβάζει τὰς τιμὰς τῶν τεχνητῶν ὀδόντων ὡς ἀκολούθως:

Δι' ἑκάστην ὀδοντοστοιχίαν καὶ κατώτερον δραχ. 200. Δι' ἕκαστον τεχνητὸν ὀδόντα δρ. 10.

Ἐνσφραγίσεις ὀδόντων διὰ χρυσοῦ, πλατίνης καὶ πλαστικῆς σμάλτου.

Ἐξαγωγὴ ὀδόντων ἀνώδυνος τῇ βοηθείᾳ εἰδικοῦ φαρμάκου.

Θεραπεία τῶν παθήσεων τῶν οὔλων καὶ τοῦ στόματος.

Παρὰ τῷ ἰδίῳ εὑρίσκεται «Φιλοδοντίνη» ἥτις ἀντισηπτικὸν ἐλιξήριον πρὸς συντήρησιν τῶν ὀδόντων, ὡς καὶ ὀδοντόψαμμα διὰ τὴν ἐπιδιορθωτικὴν συντήρησιν αὐτῶν.

Δέχεται ἀπὸ τῆς 8—12 καὶ ἀπὸ τῆς 2—6 μ. μ.

12 Ὁδὸς Σταδίου 12
ΑΠΟΘΗΚΗ ΧΑΡΤΟΥ
ΤΥΠΟΓΡΑΦΙΚΗΣ ΜΕΛΑΝΗΣ
ΚΑΙ ΠΑΣΤΑΣ
ΤΥΠΟΓΡΑΦΙΚΩΝ ΚΥΛΙΝΔΡΩΝ
ΕΝ ΑΘΗΝΑΙΣ
Ὁδὸς Πραξιτέλους 14

Ὁ τυπογραφικὸς χάρτης τῶν ἡνωμένων ἐργοστασίων τῆς Δανίας, ἀποδειχθεὶς διὰ τῶν ὑπερτέρων ἀπέναντι ἄλλου, καθὼς καὶ ἡ μέλανη τοῦ αὐτοῦ εὐρωπαϊκοῦ ἐργοστασίου, ὡς ἀπεδείχθησαν ἀνώτεροι κατὰ τὴν ποιότητα τῆς ἐλθούσης ἐκ τῆς Ἑλλάδος καὶ δίδουν ἐξαίρετα ἀποτελέσματα.

Εὑρίσκεται πάντοτε εἰς τὴν ἐν τῇ ὁδῷ Ἀθηνᾶς Κεντρικῇ Ἀποθήκῃ, ὁδὸς Πραξιτέλους 14, καὶ ἐν τῷ τελωνείῳ Πειραιῶς διὰ χαρτίον ἐπισκεπτηρίων.

Τιμαὶ ἀνεπίδεκτοι συναγωνισμοῦ

Ἐν τῷ καταστήματι εὑρίσκεται πάντοτε μελάνη τυπογραφικὴ ἀρίστης ποιότητος εἰς χρώματα πορτοκαλλί, κίτρινον, πράσινον, ἐρυθρὸν κλπ.

Ἀποθήκη χάρτου Δανίας
Ὁδὸς Πραξιτέλους, 14
Εἰς Ἀθήνας
ΙΣΙΔΩΡΟΣ ΚΟΛΙΑΤΣΟΣ
ΔΙΚΗΓΟΡΙΚΟΝ ΓΡΑΦΕΙΟΝ
16 Ὁδὸς Νικηφόρου
